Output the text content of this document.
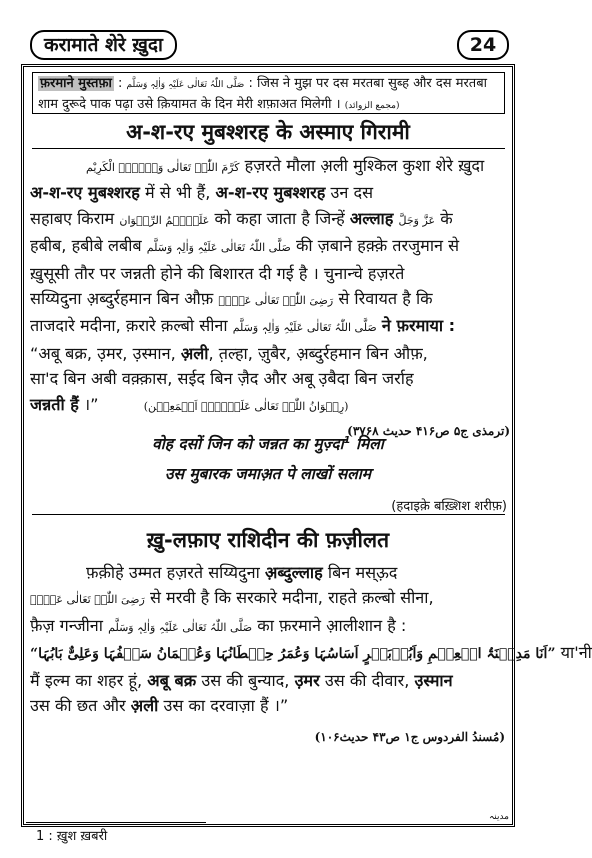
करामाते शेरे ख़ुदा	24
फ़रमाने मुस्तफ़ा : صَلَّی اللّٰہُ تَعَالٰی عَلَیْہِ وَاٰلِہٖ وَسَلَّم : जिस ने मुझ पर दस मरतबा सुब्ह और दस मरतबा
शाम दुरूदे पाक पढ़ा उसे क़ियामत के दिन मेरी शफ़ाअत मिलेगी । (مجمع الزوائد)
अ-श-रए मुबश्शरह के अस्माए गिरामी
کَرَّمَ اللّٰہُ تَعَالٰی وَجۡہَہُ الْکَرِیْم हज़रते मौला अ़ली मुश्किल कुशा शेरे ख़ुदा
अ-श-रए मुबश्शरह में से भी हैं, अ-श-रए मुबश्शरह उन दस
सहाबए किराम عَلَیۡہِمُ الرِّضۡوَان को कहा जाता है जिन्हें अल्लाह عَزَّ وَجَلَّ के
हबीब, हबीबे लबीब صَلَّی اللّٰہُ تَعَالٰی عَلَیْہِ وَاٰلِہٖ وَسَلَّم की ज़बाने हक़्क़े तरजुमान से
ख़ुसूसी तौर पर जन्नती होने की बिशारत दी गई है । चुनान्चे हज़रते
सय्यिदुना अ़ब्दुर्रहमान बिन औफ़ رَضِیَ اللّٰہُ تَعَالٰی عَنۡہُ से रिवायत है कि
ताजदारे मदीना, क़रारे क़ल्बो सीना صَلَّی اللّٰہُ تَعَالٰی عَلَیْہِ وَاٰلِہٖ وَسَلَّم ने फ़रमाया :
“अबू बक्र, उ़मर, उ़स्मान, अ़ली, त़ल्हा, ज़ुबैर, अ़ब्दुर्रहमान बिन औफ़,
सा'द बिन अबी वक़्क़ास, सईद बिन ज़ैद और अबू उ़बैदा बिन जर्राह
जन्नती हैं ।”	(رِضۡوَانُ اللّٰہِ تَعَالٰی عَلَیۡہِمۡ اَجۡمَعِیۡن)
(ترمذی ج۵ ص۴۱۶ حدیث ۳۷۶۸)
वोह दसों जिन को जन्नत का मुज़्दा$^1$ मिला
उस मुबारक जमाअ़त पे लाखों सलाम
(हदाइक़े बख़्शिश शरीफ़)
ख़ु-लफ़ाए राशिदीन की फ़ज़ीलत
फ़क़ीहे उम्मत हज़रते सय्यिदुना अ़ब्दुल्लाह बिन मस्ऊ़द
رَضِیَ اللّٰہُ تَعَالٰی عَنۡہُ से मरवी है कि सरकारे मदीना, राहते क़ल्बो सीना,
फ़ैज़ गन्जीना صَلَّی اللّٰہُ تَعَالٰی عَلَیْہِ وَاٰلِہٖ وَسَلَّم का फ़रमाने आ़लीशान है :
“اَنَا مَدِیۡنَۃُ الۡعِلۡمِ وَاَبُوۡبَکۡرٍ اَسَاسُہَا وَعُمَرُ حِیۡطَانُہَا وَعُثۡمَانُ سَقۡفُہَا وَعَلِیٌّ بَابُہَا” या'नी
मैं इल्म का शहर हूं, अबू बक्र उस की बुन्याद, उ़मर उस की दीवार, उ़स्मान
उस की छत और अ़ली उस का दरवाज़ा हैं ।”
(مُسندُ الفردوس ج۱ ص۴۳ حدیث۱۰۶)
مدینہ
1 : ख़ुश ख़बरी
